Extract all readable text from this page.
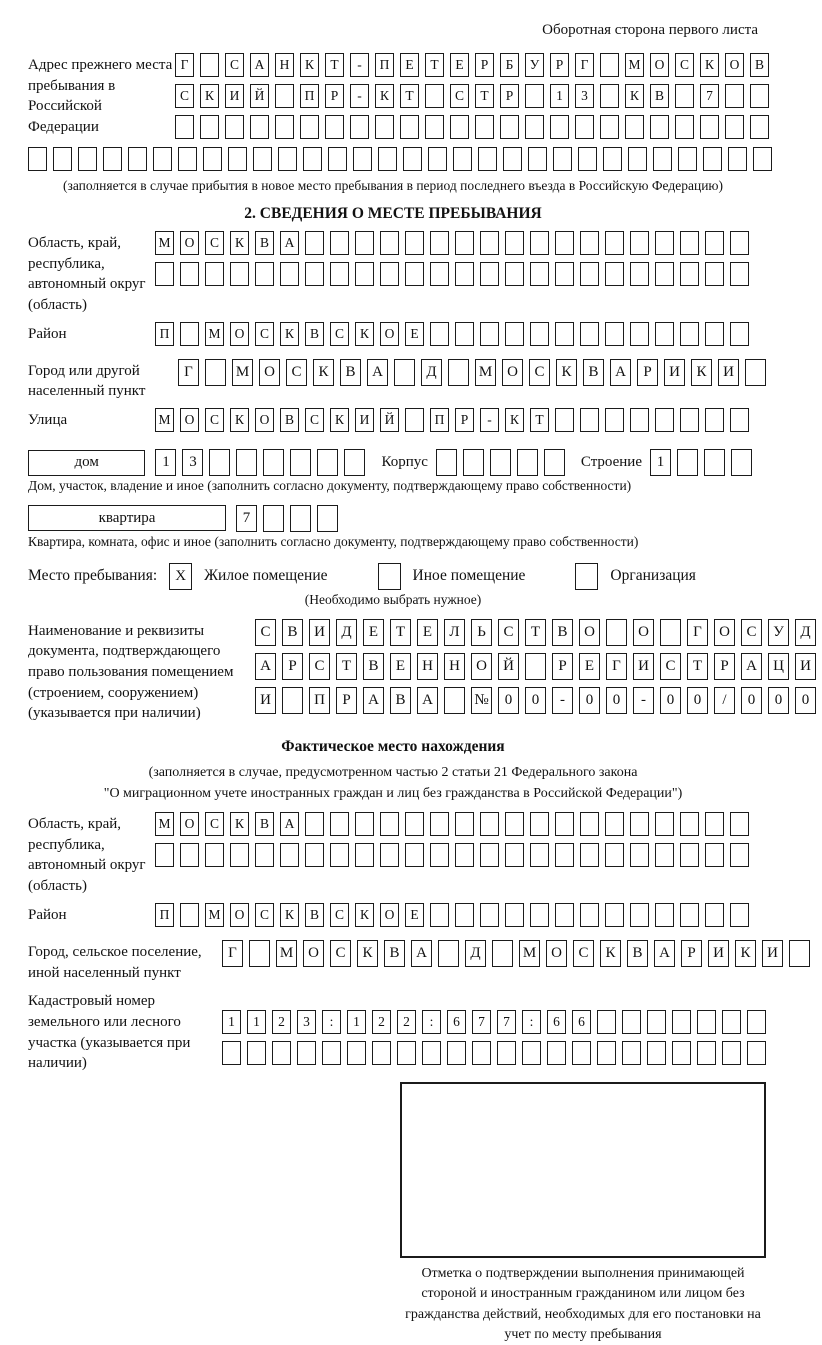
Оборотная сторона первого листа
Адрес прежнего места пребывания в Российской Федерации
Г	С	А	Н	К	Т	-	П	Е	Т	Е	Р	Б	У	Р	Г	М	О	С	К	О	В
С	К	И	Й	П	Р	-	К	Т	С	Т	Р	1	3	К	В	7
(заполняется в случае прибытия в новое место пребывания в период последнего въезда в Российскую Федерацию)
2. СВЕДЕНИЯ О МЕСТЕ ПРЕБЫВАНИЯ
Область, край, республика, автономный округ (область)
М	О	С	К	В	А
Район	П	М	О	С	К	В	С	К	О	Е
Город или другой населенный пункт
Г	М О	С	К	В	А	Д	М О	С	К	В	А	Р	И	К	И
Улица	М	О	С	К	О	В	С	К	И	Й	П	Р	-	К	Т
дом	1	3	Корпус	Строение 1
Дом, участок, владение и иное (заполнить согласно документу, подтверждающему право собственности)
квартира	7
Квартира, комната, офис и иное (заполнить согласно документу, подтверждающему право собственности)
Место пребывания:	X	Жилое помещение	Иное помещение	Организация
(Необходимо выбрать нужное)
Наименование и реквизиты документа, подтверждающего право пользования помещением (строением, сооружением) (указывается при наличии)
С	В	И	Д	Е	Т	Е	Л	Ь	С	Т	В	О	О	Г	О	С	У	Д
А	Р	С	Т	В	Е	Н	Н	О	Й	Р	Е	Г	И	С	Т	Р	А	Ц	И
И	П	Р	А	В	А	№	0	0	-	0	0	-	0	0	/	0	0	0
Фактическое место нахождения
(заполняется в случае, предусмотренном частью 2 статьи 21 Федерального закона
"О миграционном учете иностранных граждан и лиц без гражданства в Российской Федерации")
Область, край, республика, автономный округ (область)
М	О	С	К	В	А
Район	П	М	О	С	К	В	С	К	О	Е
Город, сельское поселение, иной населенный пункт
Г	М О	С	К	В	А	Д	М О	С	К	В	А	Р	И	К	И
Кадастровый номер земельного или лесного участка (указывается при наличии)
1	1	2	3	:	1	2	2	:	6	7	7	:	6	6
Отметка о подтверждении выполнения принимающей стороной и иностранным гражданином или лицом без гражданства действий, необходимых для его постановки на учет по месту пребывания
